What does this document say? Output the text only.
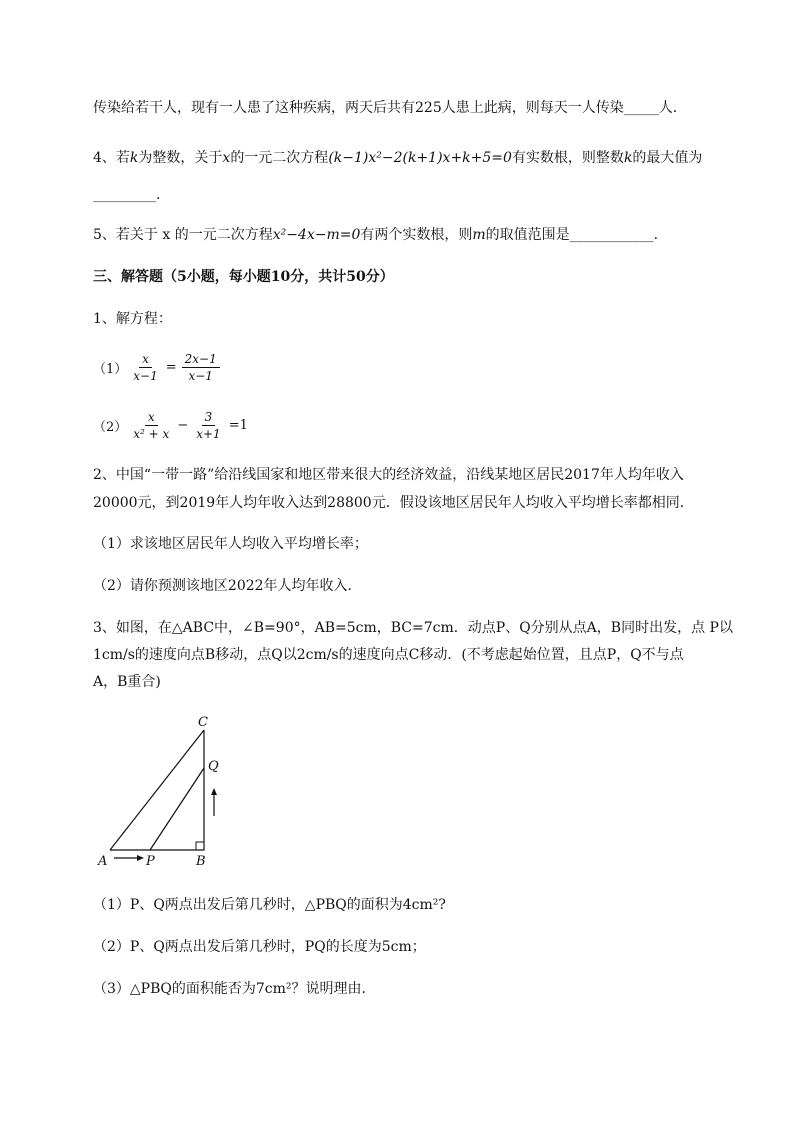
传染给若干人，现有一人患了这种疾病，两天后共有225人患上此病，则每天一人传染_____人．
4、若k为整数，关于x的一元二次方程(k−1)x²−2(k+1)x+k+5=0有实数根，则整数k的最大值为
_________.
5、若关于 x 的一元二次方程x²−4x−m=0有两个实数根，则m的取值范围是____________.
三、解答题（5小题，每小题10分，共计50分）
1、解方程：
$(1) \frac{x}{x-1} = \frac{2x-1}{x-1}$
$(2) \frac{x}{\text{x² + x}} - \frac{3}{x+1} =1$
2、中国“一带一路”给沿线国家和地区带来很大的经济效益，沿线某地区居民2017年人均年收入
20000元，到2019年人均年收入达到28800元．假设该地区居民年人均收入平均增长率都相同．
（1）求该地区居民年人均收入平均增长率；
（2）请你预测该地区2022年人均年收入．
3、如图，在△ABC中，∠B=90°，AB=5cm，BC=7cm．动点P、Q分别从点A，B同时出发，点 P以
1cm/s的速度向点B移动，点Q以2cm/s的速度向点C移动．(不考虑起始位置，且点P，Q不与点
A，B重合)
A	B
C
P
Q
（1）P、Q两点出发后第几秒时，△PBQ的面积为4cm²?
（2）P、Q两点出发后第几秒时，PQ的长度为5cm；
（3）△PBQ的面积能否为7cm²？说明理由．
